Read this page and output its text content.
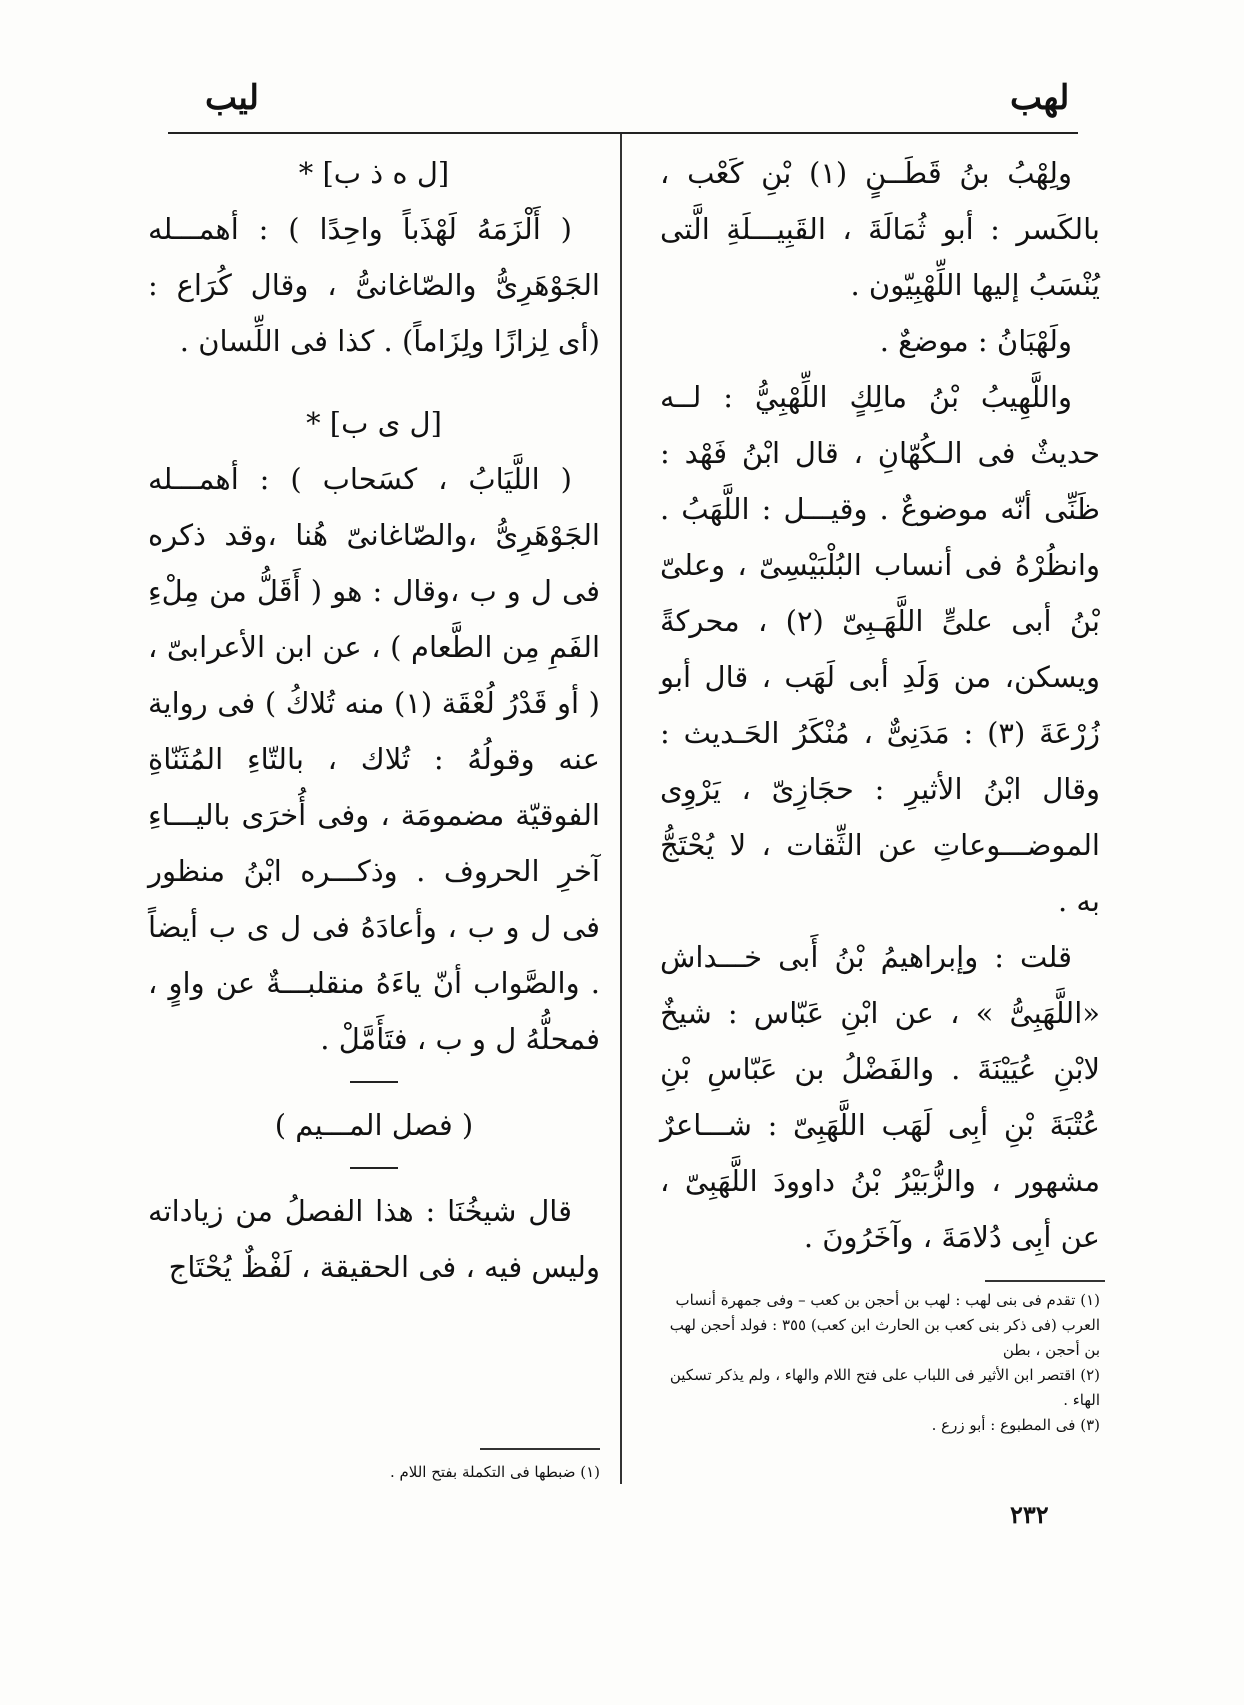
لهب
ليب

ولِهْبُ بنُ قَطَــنٍ (١) بْنِ كَعْب ، بالكَسر : أبو ثُمَالَةَ ، القَبِيـــلَةِ الَّتى يُنْسَبُ إليها اللِّهْبِيّون .

ولَهْبَانُ : موضعٌ .

واللَّهِيبُ بْنُ مالِكٍ اللِّهْبِيُّ : لــه حديثٌ فى الـكُهّانِ ، قال ابْنُ فَهْد : ظَنِّى أنّه موضوعٌ . وقيـــل : اللَّهَبُ . وانظُرْهُ فى أنساب البُلْبَيْسِىّ ، وعلىّ بْنُ أبى علىٍّ اللَّهَـبِىّ (٢) ، محركةً ويسكن، من وَلَدِ أبى لَهَب ، قال أبو زُرْعَةَ (٣) : مَدَنِىٌّ ، مُنْكَرُ الحَـديث : وقال ابْنُ الأثيرِ : حجَازِىّ ، يَرْوِى الموضـــوعاتِ عن الثِّقات ، لا يُحْتَجُّ به .

قلت : وإبراهيمُ بْنُ أَبى خـــداش «اللَّهَبِىُّ » ، عن ابْنِ عَبّاس : شيخٌ لابْنِ عُيَيْنَةَ . والفَضْلُ بن عَبّاسِ بْنِ عُتْبَةَ بْنِ أبِى لَهَب اللَّهَبِىّ : شـــاعرٌ مشهور ، والزُّبَيْرُ بْنُ داوودَ اللَّهَبِىّ ، عن أبِى دُلامَةَ ، وآخَرُونَ .

(١) تقدم فى بنى لهب : لهب بن أحجن بن كعب – وفى جمهرة أنساب العرب (فى ذكر بنى كعب بن الحارث ابن كعب) ٣٥٥ : فولد أحجن لهب بن أحجن ، بطن

(٢) اقتصر ابن الأثير فى اللباب على فتح اللام والهاء ، ولم يذكر تسكين الهاء .

(٣) فى المطبوع : أبو زرع .

[ل ه ذ ب] *

( أَلْزَمَهُ لَهْذَباً واحِدًا ) : أهمـــله الجَوْهَرِىُّ والصّاغانىُّ ، وقال كُرَاع : (أى لِزازًا ولِزَاماً) . كذا فى اللِّسان .

[ل ى ب] *

( اللَّيَابُ ، كسَحاب ) : أهمـــله الجَوْهَرِىُّ ،والصّاغانىّ هُنا ،وقد ذكره فى ل و ب ،وقال : هو ( أَقَلُّ من مِلْءِ الفَمِ مِن الطَّعام ) ، عن ابن الأعرابىّ ، ( أو قَدْرُ لُعْقَة (١) منه تُلاكُ ) فى رواية عنه وقولُهُ : تُلاك ، بالتّاءِ المُثَنّاةِ الفوقيّة مضمومَة ، وفى أُخرَى باليـــاءِ آخرِ الحروف . وذكـــره ابْنُ منظور فى ل و ب ، وأعادَهُ فى ل ى ب أيضاً . والصَّواب أنّ ياءَهُ منقلبـــةٌ عن واوٍ ، فمحلُّهُ ل و ب ، فتَأَمَّلْ .

( فصل المـــيم )

قال شيخُنَا : هذا الفصلُ من زياداته وليس فيه ، فى الحقيقة ، لَفْظٌ يُحْتَاج

(١) ضبطها فى التكملة بفتح اللام .
٢٣٢
